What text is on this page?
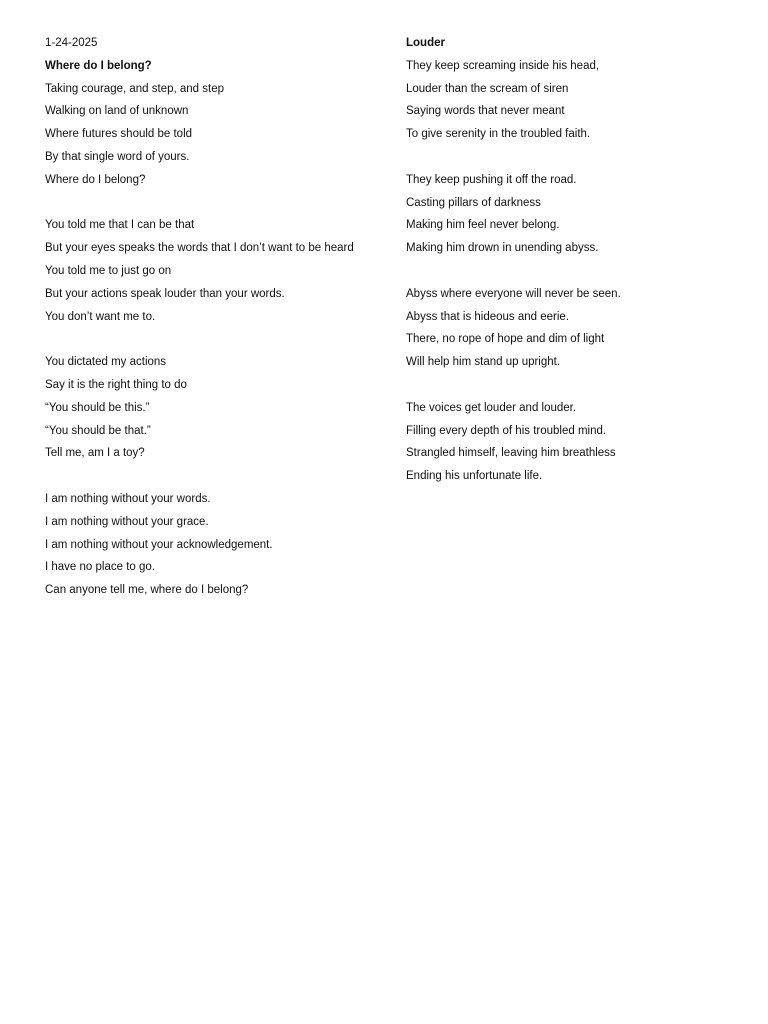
1-24-2025
Where do I belong?
Taking courage, and step, and step
Walking on land of unknown
Where futures should be told
By that single word of yours.
Where do I belong?
You told me that I can be that
But your eyes speaks the words that I don’t want to be heard
You told me to just go on
But your actions speak louder than your words.
You don’t want me to.
You dictated my actions
Say it is the right thing to do
“You should be this.”
“You should be that.”
Tell me, am I a toy?
I am nothing without your words.
I am nothing without your grace.
I am nothing without your acknowledgement.
I have no place to go.
Can anyone tell me, where do I belong?
Louder
They keep screaming inside his head,
Louder than the scream of siren
Saying words that never meant
To give serenity in the troubled faith.
They keep pushing it off the road.
Casting pillars of darkness
Making him feel never belong.
Making him drown in unending abyss.
Abyss where everyone will never be seen.
Abyss that is hideous and eerie.
There, no rope of hope and dim of light
Will help him stand up upright.
The voices get louder and louder.
Filling every depth of his troubled mind.
Strangled himself, leaving him breathless
Ending his unfortunate life.
